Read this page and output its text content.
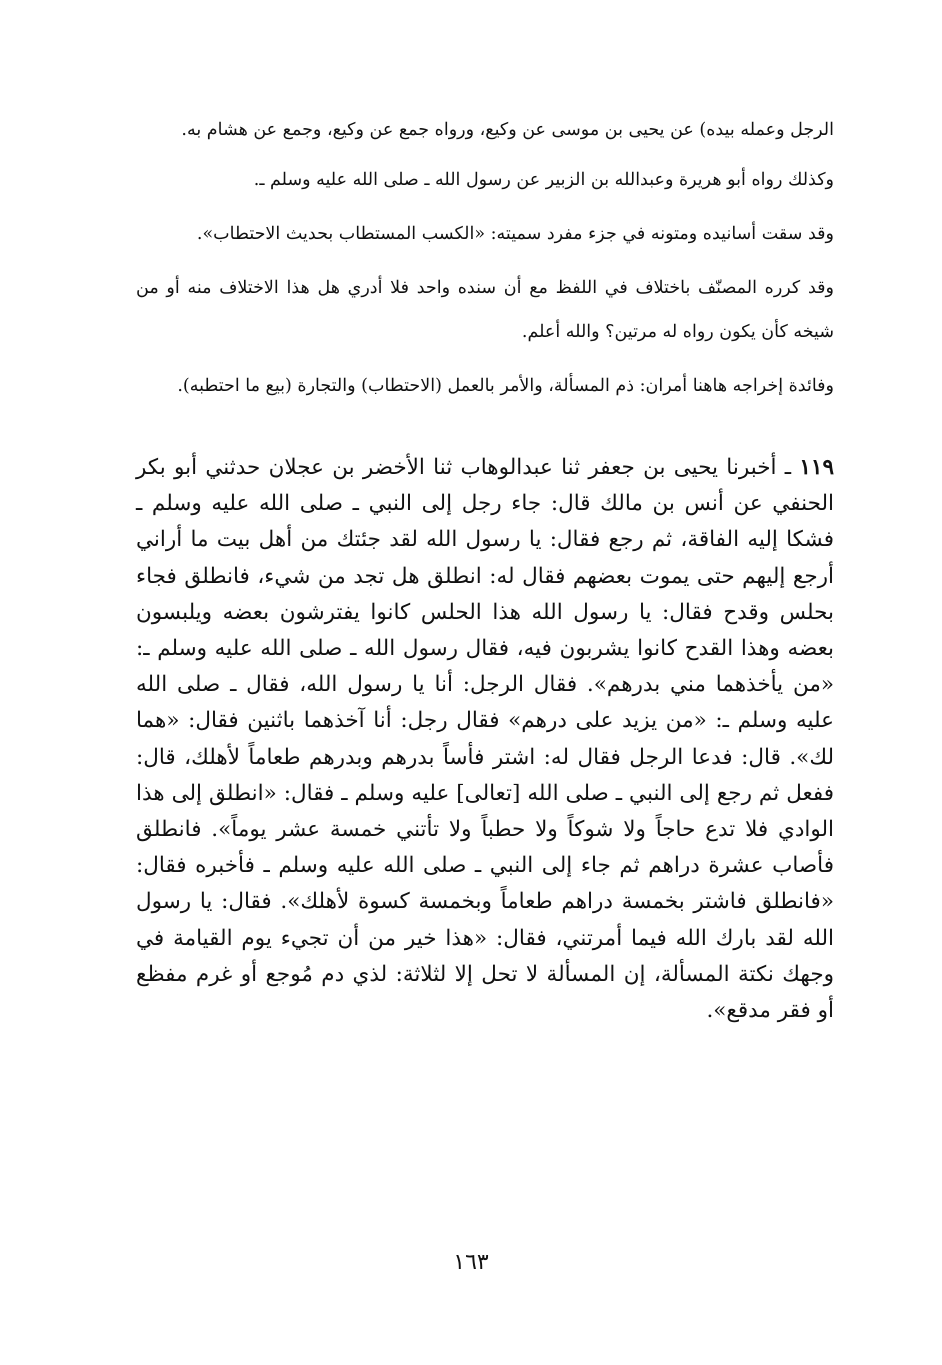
الرجل وعمله بيده) عن يحيى بن موسى عن وكيع، ورواه جمع عن وكيع، وجمع عن هشام به.

وكذلك رواه أبو هريرة وعبدالله بن الزبير عن رسول الله ـ صلى الله عليه وسلم ـ.

وقد سقت أسانيده ومتونه في جزء مفرد سميته: «الكسب المستطاب بحديث الاحتطاب».

وقد كرره المصنّف باختلاف في اللفظ مع أن سنده واحد فلا أدري هل هذا الاختلاف منه أو من شيخه كأن يكون رواه له مرتين؟ والله أعلم.

وفائدة إخراجه هاهنا أمران: ذم المسألة، والأمر بالعمل (الاحتطاب) والتجارة (بيع ما احتطبه).

١١٩ ـ أخبرنا يحيى بن جعفر ثنا عبدالوهاب ثنا الأخضر بن عجلان حدثني أبو بكر الحنفي عن أنس بن مالك قال: جاء رجل إلى النبي ـ صلى الله عليه وسلم ـ فشكا إليه الفاقة، ثم رجع فقال: يا رسول الله لقد جئتك من أهل بيت ما أراني أرجع إليهم حتى يموت بعضهم فقال له: انطلق هل تجد من شيء، فانطلق فجاء بحلس وقدح فقال: يا رسول الله هذا الحلس كانوا يفترشون بعضه ويلبسون بعضه وهذا القدح كانوا يشربون فيه، فقال رسول الله ـ صلى الله عليه وسلم ـ: «من يأخذهما مني بدرهم». فقال الرجل: أنا يا رسول الله، فقال ـ صلى الله عليه وسلم ـ: «من يزيد على درهم» فقال رجل: أنا آخذهما باثنين فقال: «هما لك». قال: فدعا الرجل فقال له: اشتر فأساً بدرهم وبدرهم طعاماً لأهلك، قال: ففعل ثم رجع إلى النبي ـ صلى الله [تعالى] عليه وسلم ـ فقال: «انطلق إلى هذا الوادي فلا تدع حاجاً ولا شوكاً ولا حطباً ولا تأتني خمسة عشر يوماً». فانطلق فأصاب عشرة دراهم ثم جاء إلى النبي ـ صلى الله عليه وسلم ـ فأخبره فقال: «فانطلق فاشتر بخمسة دراهم طعاماً وبخمسة كسوة لأهلك». فقال: يا رسول الله لقد بارك الله فيما أمرتني، فقال: «هذا خير من أن تجيء يوم القيامة في وجهك نكتة المسألة، إن المسألة لا تحل إلا لثلاثة: لذي دم مُوجع أو غرم مفظع أو فقر مدقع».

١٦٣
